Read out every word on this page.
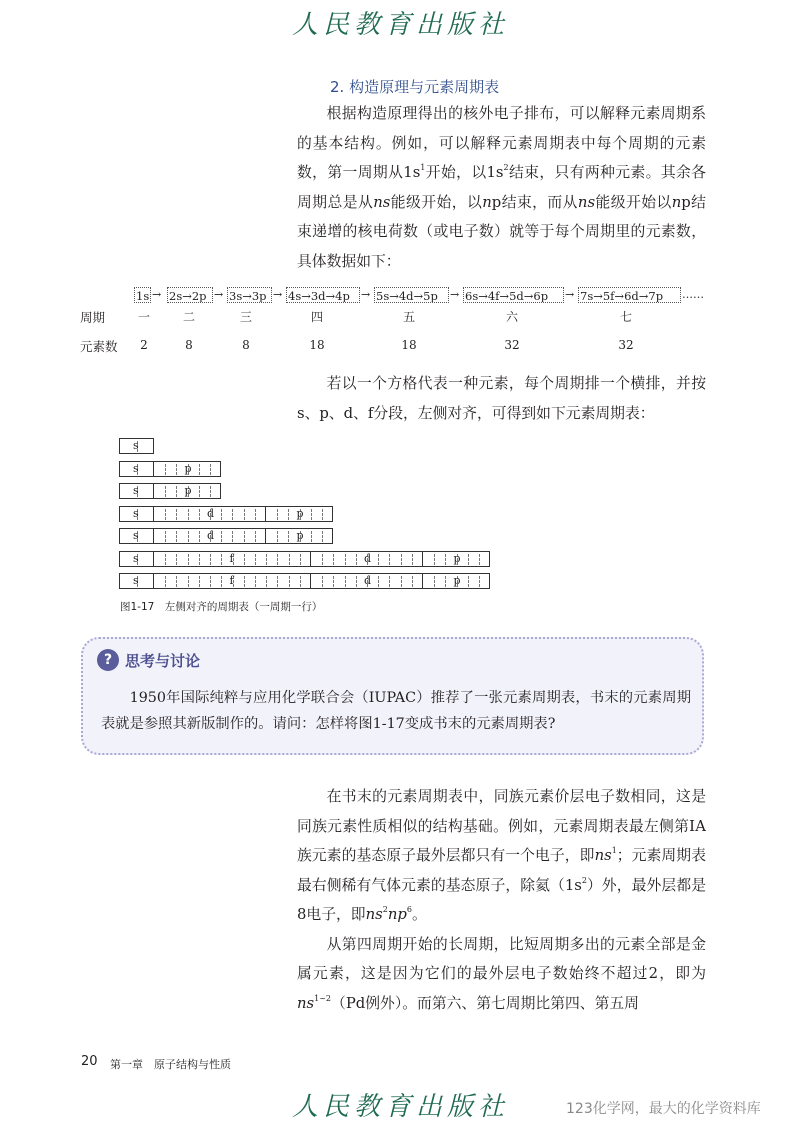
人民教育出版社
2. 构造原理与元素周期表

根据构造原理得出的核外电子排布，可以解释元素周期系的基本结构。例如，可以解释元素周期表中每个周期的元素数，第一周期从$1s^1$开始，以$1s^2$结束，只有两种元素。其余各周期总是从ns能级开始，以np结束，而从ns能级开始以np结束递增的核电荷数（或电子数）就等于每个周期里的元素数，具体数据如下：

1s → 2s→2p → 3s→3p → 4s→3d→4p	→ 5s→4d→5p	→ 6s→4f→5d→6p	→ 7s→5f→6d→7p	……
周期	一	二	三	四	五	六	七
元素数	2	8	8	18	18	32	32

若以一个方格代表一种元素，每个周期排一个横排，并按s、p、d、f分段，左侧对齐，可得到如下元素周期表：

s
s	p
s	p
s	d	p
s	d	p
s	f	d	p
s	f	d	p
图1-17　左侧对齐的周期表（一周期一行）
? 思考与讨论

1950年国际纯粹与应用化学联合会（IUPAC）推荐了一张元素周期表，书末的元素周期表就是参照其新版制作的。请问：怎样将图1-17变成书末的元素周期表?

在书末的元素周期表中，同族元素价层电子数相同，这是同族元素性质相似的结构基础。例如，元素周期表最左侧第ⅠA族元素的基态原子最外层都只有一个电子，即$ns^1$；元素周期表最右侧稀有气体元素的基态原子，除氦$(1s^2)$外，最外层都是8电子，即$ns^2np^6$。

从第四周期开始的长周期，比短周期多出的元素全部是金属元素，这是因为它们的最外层电子数始终不超过2，即为$ns^{1\sim 2}(Pd$例外）。而第六、第七周期比第四、第五周

20 第一章　原子结构与性质
人民教育出版社	123化学网，最大的化学资料库
